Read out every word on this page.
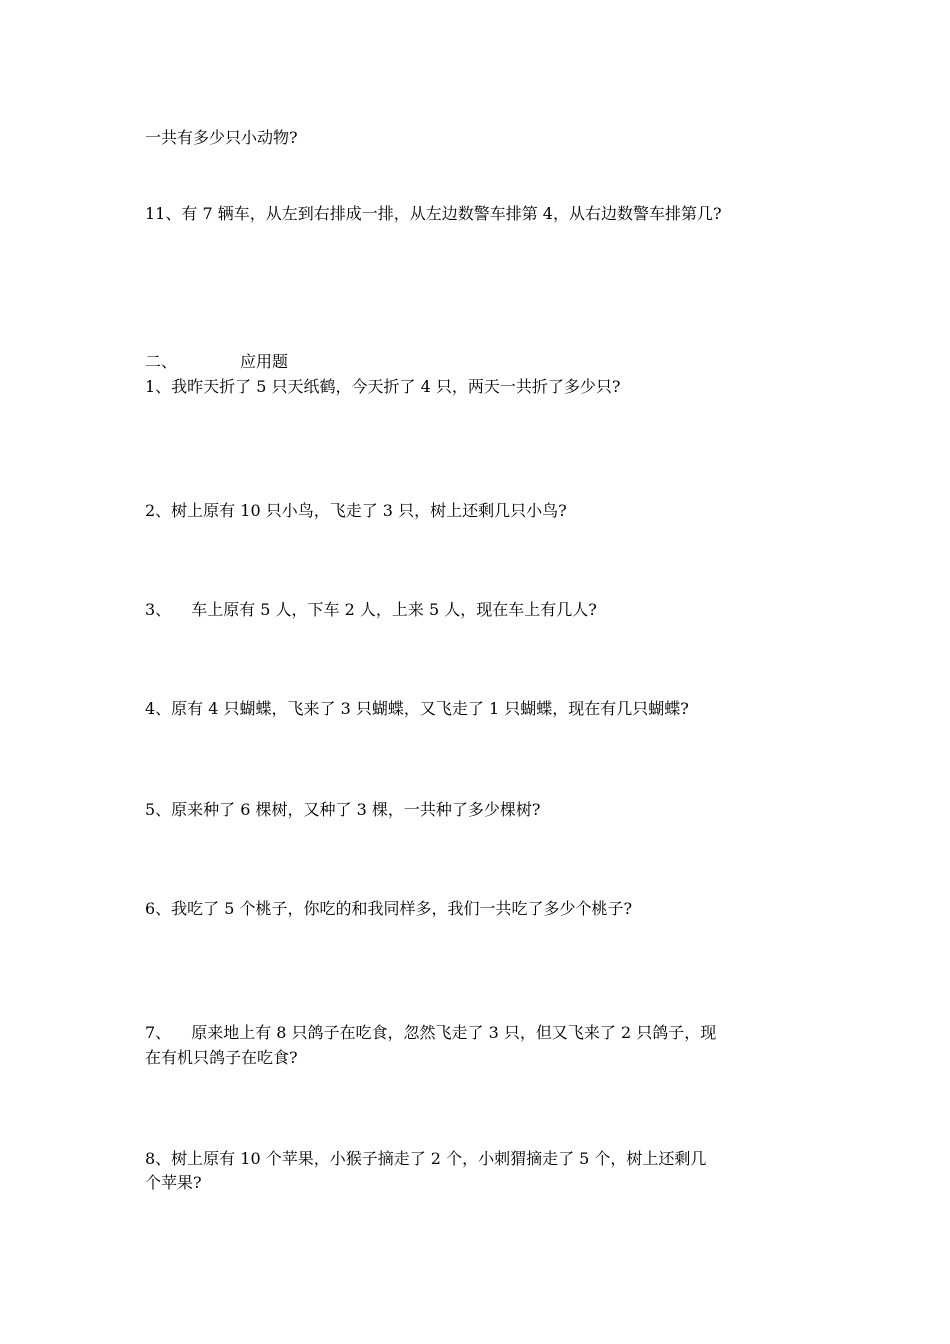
一共有多少只小动物?
11、有 7 辆车，从左到右排成一排，从左边数警车排第 4，从右边数警车排第几?
二、	应用题
1、我昨天折了 5 只天纸鹤，今天折了 4 只，两天一共折了多少只?
2、树上原有 10 只小鸟，飞走了 3 只，树上还剩几只小鸟?
3、 车上原有 5 人，下车 2 人，上来 5 人，现在车上有几人?
4、原有 4 只蝴蝶，飞来了 3 只蝴蝶，又飞走了 1 只蝴蝶，现在有几只蝴蝶?
5、原来种了 6 棵树，又种了 3 棵，一共种了多少棵树?
6、我吃了 5 个桃子，你吃的和我同样多，我们一共吃了多少个桃子?
7、 原来地上有 8 只鸽子在吃食，忽然飞走了 3 只，但又飞来了 2 只鸽子，现
在有机只鸽子在吃食?
8、树上原有 10 个苹果，小猴子摘走了 2 个，小刺猬摘走了 5 个，树上还剩几
个苹果?
